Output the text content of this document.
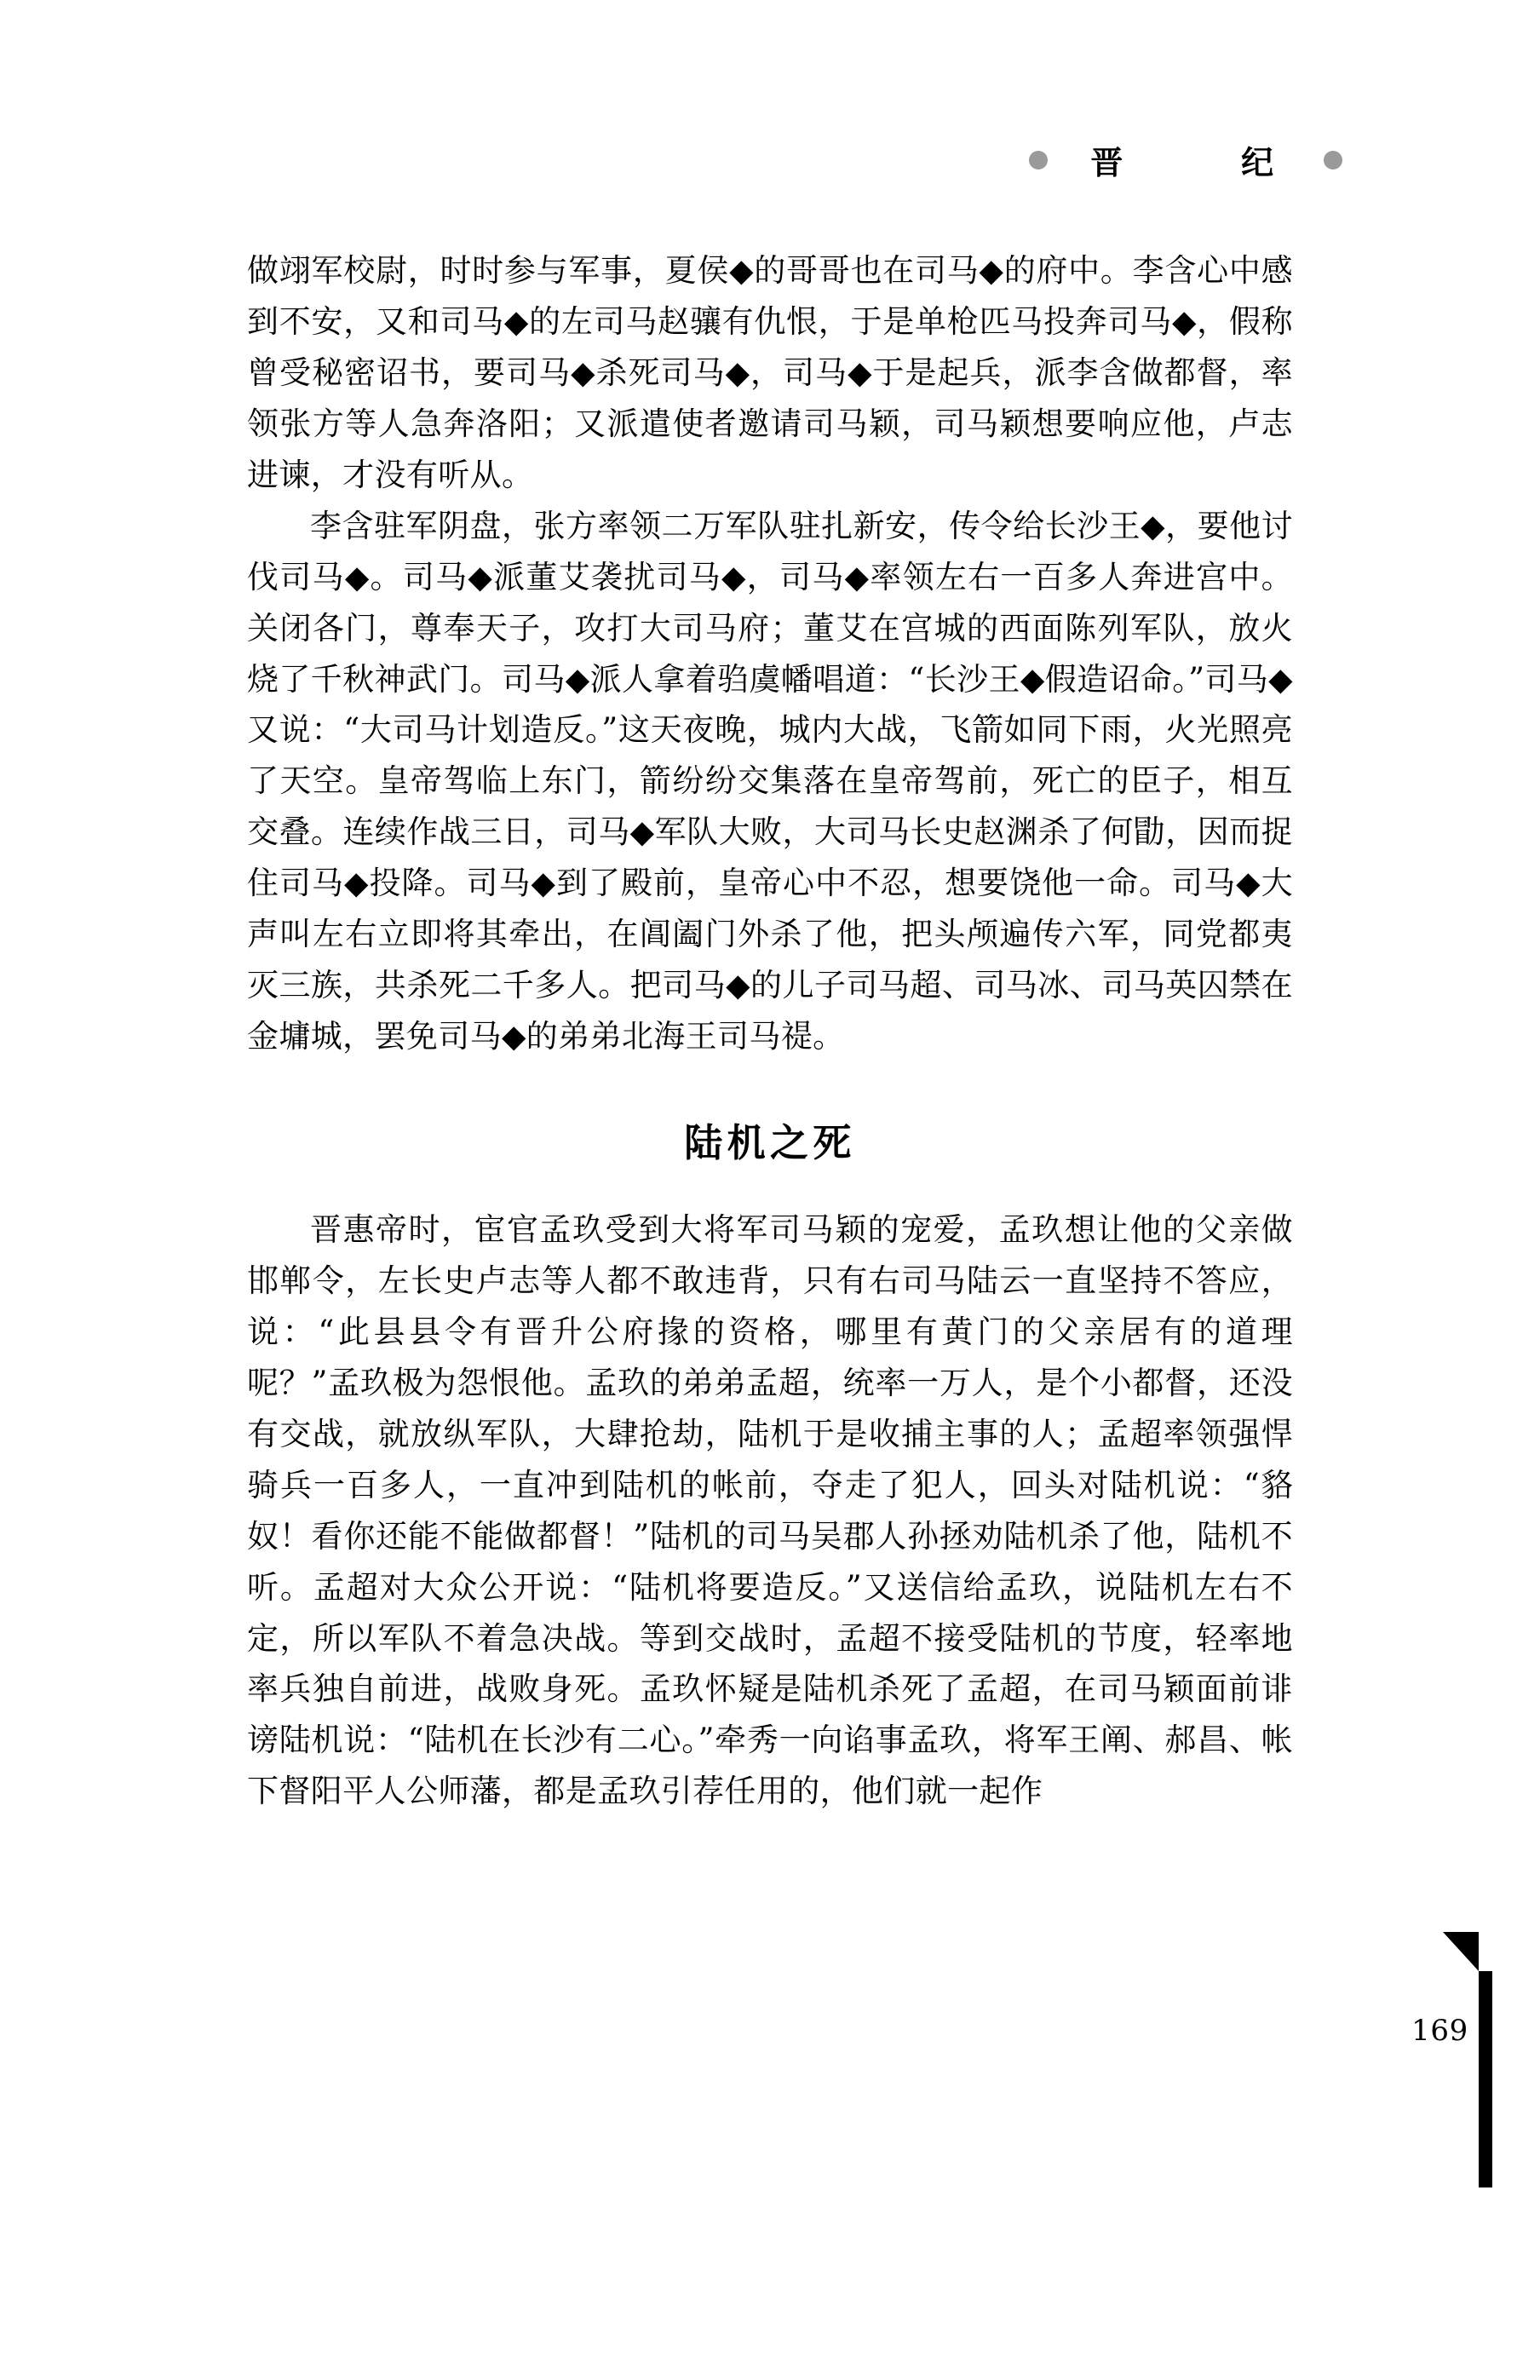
晋　　纪

做翊军校尉，时时参与军事，夏侯◆的哥哥也在司马◆的府中。李含心中感到不安，又和司马◆的左司马赵骧有仇恨，于是单枪匹马投奔司马◆，假称曾受秘密诏书，要司马◆杀死司马◆，司马◆于是起兵，派李含做都督，率领张方等人急奔洛阳；又派遣使者邀请司马颖，司马颖想要响应他，卢志进谏，才没有听从。

李含驻军阴盘，张方率领二万军队驻扎新安，传令给长沙王◆，要他讨伐司马◆。司马◆派董艾袭扰司马◆，司马◆率领左右一百多人奔进宫中。关闭各门，尊奉天子，攻打大司马府；董艾在宫城的西面陈列军队，放火烧了千秋神武门。司马◆派人拿着驺虞幡唱道：“长沙王◆假造诏命。”司马◆又说：“大司马计划造反。”这天夜晚，城内大战，飞箭如同下雨，火光照亮了天空。皇帝驾临上东门，箭纷纷交集落在皇帝驾前，死亡的臣子，相互交叠。连续作战三日，司马◆军队大败，大司马长史赵渊杀了何勖，因而捉住司马◆投降。司马◆到了殿前，皇帝心中不忍，想要饶他一命。司马◆大声叫左右立即将其牵出，在阊阖门外杀了他，把头颅遍传六军，同党都夷灭三族，共杀死二千多人。把司马◆的儿子司马超、司马冰、司马英囚禁在金墉城，罢免司马◆的弟弟北海王司马禔。

陆机之死

晋惠帝时，宦官孟玖受到大将军司马颖的宠爱，孟玖想让他的父亲做邯郸令，左长史卢志等人都不敢违背，只有右司马陆云一直坚持不答应，说：“此县县令有晋升公府掾的资格，哪里有黄门的父亲居有的道理呢？”孟玖极为怨恨他。孟玖的弟弟孟超，统率一万人，是个小都督，还没有交战，就放纵军队，大肆抢劫，陆机于是收捕主事的人；孟超率领强悍骑兵一百多人，一直冲到陆机的帐前，夺走了犯人，回头对陆机说：“貉奴！看你还能不能做都督！”陆机的司马吴郡人孙拯劝陆机杀了他，陆机不听。孟超对大众公开说：“陆机将要造反。”又送信给孟玖，说陆机左右不定，所以军队不着急决战。等到交战时，孟超不接受陆机的节度，轻率地率兵独自前进，战败身死。孟玖怀疑是陆机杀死了孟超，在司马颖面前诽谤陆机说：“陆机在长沙有二心。”牵秀一向谄事孟玖，将军王阐、郝昌、帐下督阳平人公师藩，都是孟玖引荐任用的，他们就一起作

169
